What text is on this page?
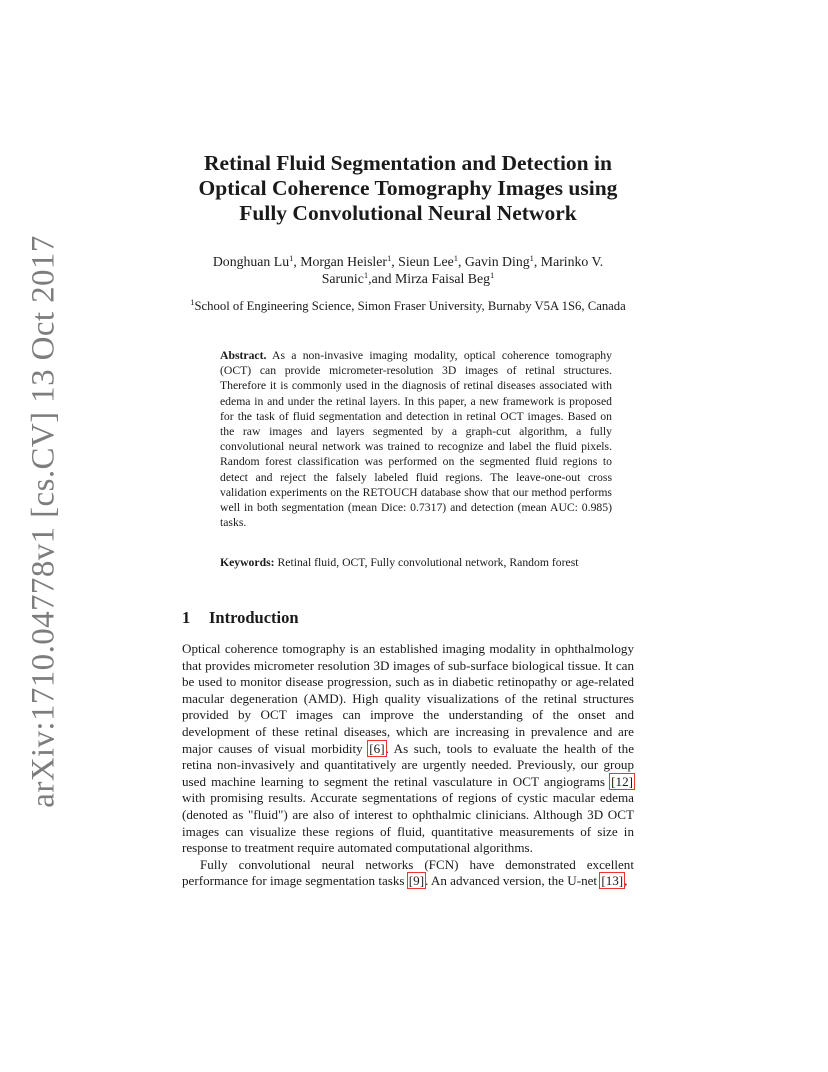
arXiv:1710.04778v1 [cs.CV] 13 Oct 2017
Retinal Fluid Segmentation and Detection in Optical Coherence Tomography Images using Fully Convolutional Neural Network

Donghuan Lu$^1$, Morgan Heisler$^1$, Sieun Lee$^1$, Gavin Ding$^1$, Marinko V. Sarunic$^1$,and Mirza Faisal Beg$^1$

$^1$School of Engineering Science, Simon Fraser University, Burnaby V5A 1S6, Canada

Abstract. As a non-invasive imaging modality, optical coherence tomography (OCT) can provide micrometer-resolution 3D images of retinal structures. Therefore it is commonly used in the diagnosis of retinal diseases associated with edema in and under the retinal layers. In this paper, a new framework is proposed for the task of fluid segmentation and detection in retinal OCT images. Based on the raw images and layers segmented by a graph-cut algorithm, a fully convolutional neural network was trained to recognize and label the fluid pixels. Random forest classification was performed on the segmented fluid regions to detect and reject the falsely labeled fluid regions. The leave-one-out cross validation experiments on the RETOUCH database show that our method performs well in both segmentation (mean Dice: 0.7317) and detection (mean AUC: 0.985) tasks.

Keywords: Retinal fluid, OCT, Fully convolutional network, Random forest

1 Introduction

Optical coherence tomography is an established imaging modality in ophthalmology that provides micrometer resolution 3D images of sub-surface biological tissue. It can be used to monitor disease progression, such as in diabetic retinopathy or age-related macular degeneration (AMD). High quality visualizations of the retinal structures provided by OCT images can improve the understanding of the onset and development of these retinal diseases, which are increasing in prevalence and are major causes of visual morbidity [6]. As such, tools to evaluate the health of the retina non-invasively and quantitatively are urgently needed. Previously, our group used machine learning to segment the retinal vasculature in OCT angiograms [12] with promising results. Accurate segmentations of regions of cystic macular edema (denoted as "fluid") are also of interest to ophthalmic clinicians. Although 3D OCT images can visualize these regions of fluid, quantitative measurements of size in response to treatment require automated computational algorithms.

Fully convolutional neural networks (FCN) have demonstrated excellent performance for image segmentation tasks [9]. An advanced version, the U-net [13],
